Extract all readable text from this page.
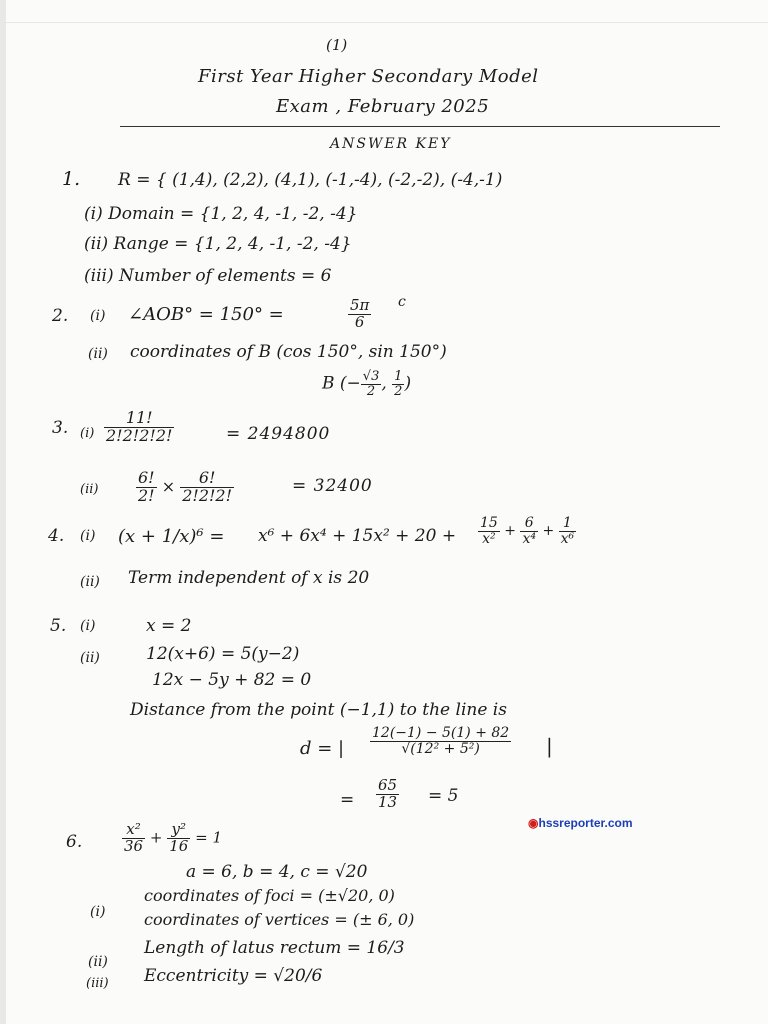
(1)
First Year Higher Secondary Model
Exam , February 2025
ANSWER KEY
1. R = { (1,4), (2,2), (4,1), (-1,-4), (-2,-2), (-4,-1)
(i) Domain = {1, 2, 4, -1, -2, -4}
(ii) Range = {1, 2, 4, -1, -2, -4}
(iii) Number of elements = 6
2. (i) ∠AOB° = 150° =	$\frac{5\pi}{6}$ c
(ii) coordinates of B (cos 150°, sin 150°)
B (− $\frac{√3}{2}$ , $\frac{1}{2}$ )
3. $(i) \frac{11!}{2!2!2!2!}$	= 2494800
$(ii) \frac{6!}{2!} \times \frac{6!}{2!2!2!}$	= 32400
4. (i) $(x + 1/x)^6 = x^6 + 6x^4 + 15x^2 + 20 + \frac{15}{\text{x²}} + \frac{6}{\text{x⁴}} + \frac{1}{\text{x⁶}}$
(ii) Term independent of x is 20
5. (i)	x = 2
(ii)	12(x+6) = 5(y−2)
12x − 5y + 82 = 0
Distance from the point (−1,1) to the line is
d = | $\frac{12(-1) - 5(1) + 82}{\text{√(12² + 5²)}}$ |
= $\frac{65}{13} = 5$
◉hssreporter.com
6.	$\frac{\text{x²}}{36} + \frac{\text{y²}}{16} = 1$
a = 6, b = 4, c = √20
(i)
coordinates of foci = (±√20, 0)
coordinates of vertices = (± 6, 0)
(ii)
Length of latus rectum = 16/3
(iii) Eccentricity = √20/6
